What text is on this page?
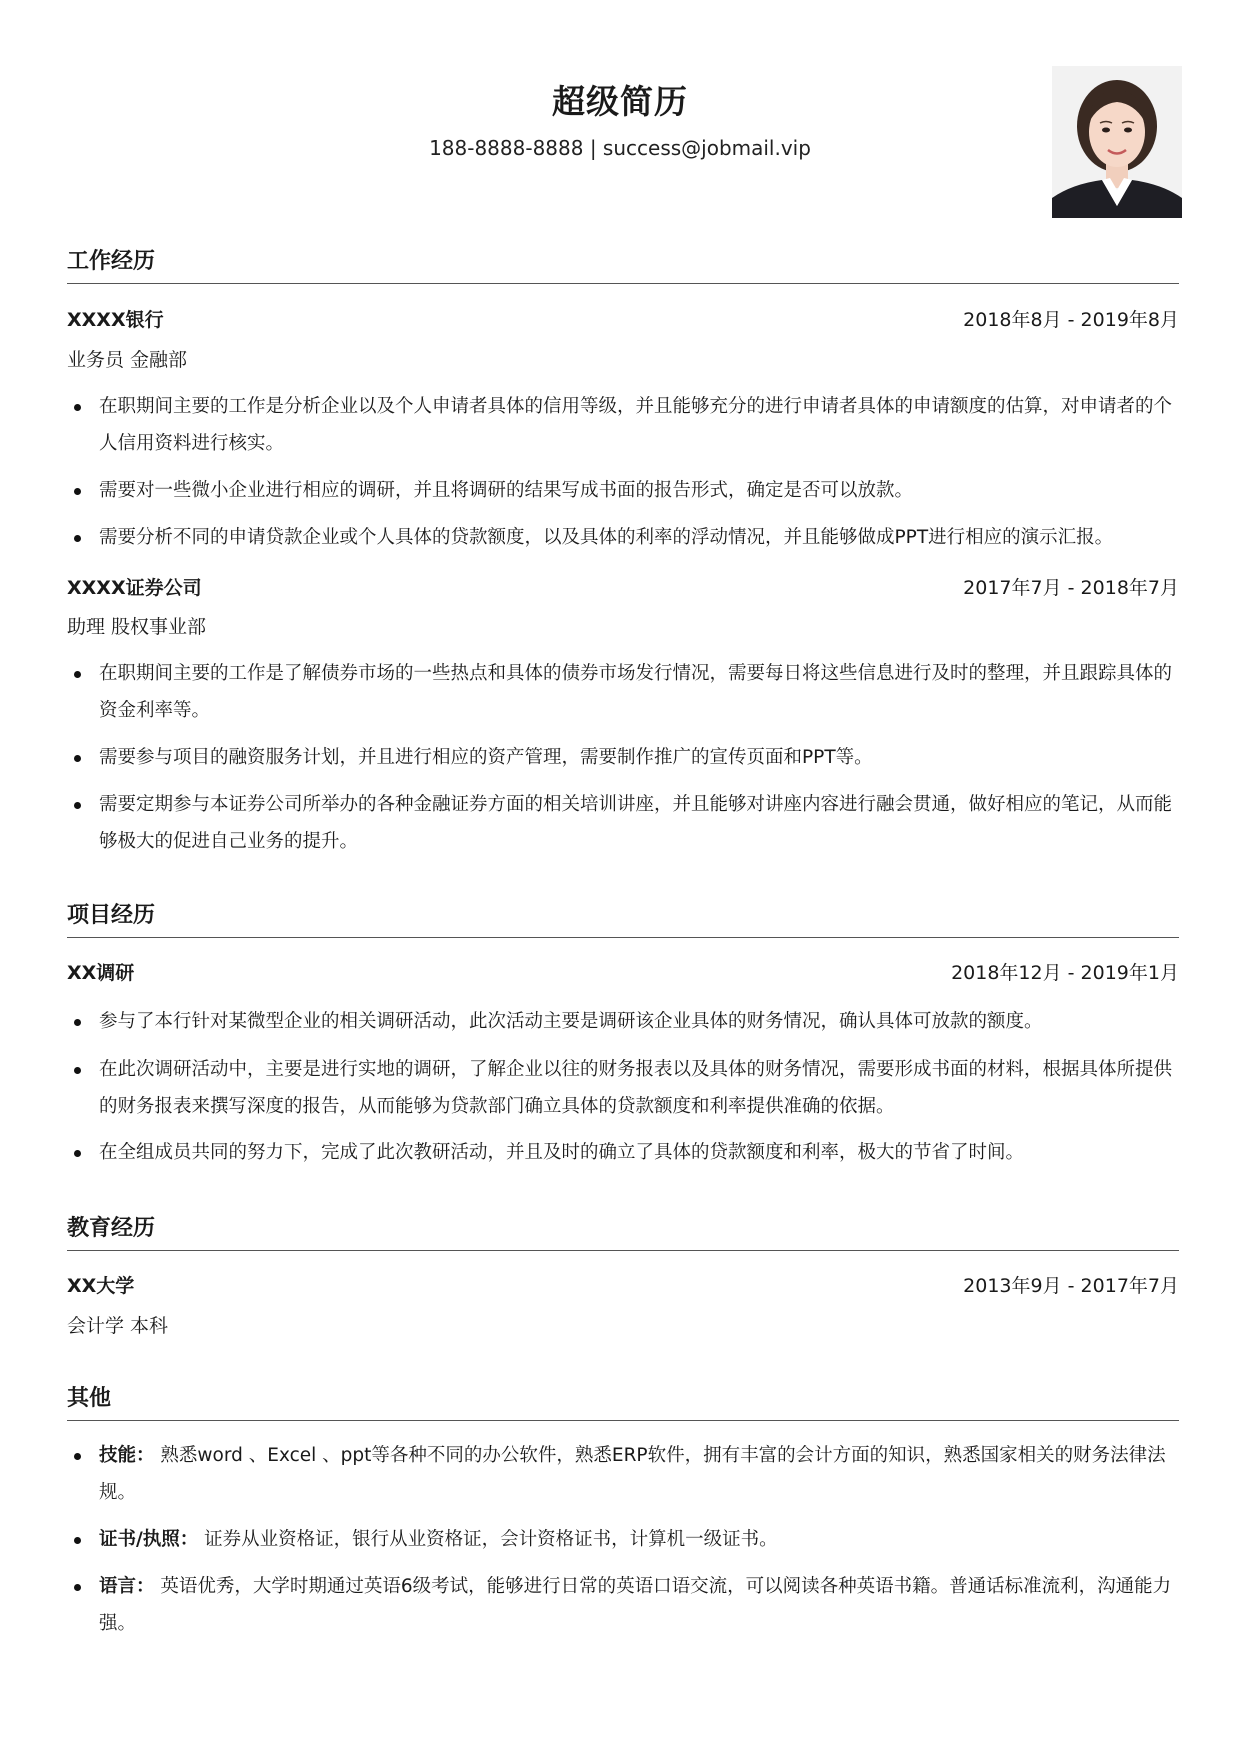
超级简历
188-8888-8888 | success@jobmail.vip
工作经历
XXXX银行	2018年8月 - 2019年8月
业务员 金融部
在职期间主要的工作是分析企业以及个人申请者具体的信用等级，并且能够充分的进行申请者具体的申请额度的估算，对申请者的个人信用资料进行核实。
需要对一些微小企业进行相应的调研，并且将调研的结果写成书面的报告形式，确定是否可以放款。
需要分析不同的申请贷款企业或个人具体的贷款额度，以及具体的利率的浮动情况，并且能够做成PPT进行相应的演示汇报。
XXXX证券公司	2017年7月 - 2018年7月
助理 股权事业部
在职期间主要的工作是了解债券市场的一些热点和具体的债券市场发行情况，需要每日将这些信息进行及时的整理，并且跟踪具体的资金利率等。
需要参与项目的融资服务计划，并且进行相应的资产管理，需要制作推广的宣传页面和PPT等。
需要定期参与本证券公司所举办的各种金融证券方面的相关培训讲座，并且能够对讲座内容进行融会贯通，做好相应的笔记，从而能够极大的促进自己业务的提升。
项目经历
XX调研	2018年12月 - 2019年1月
参与了本行针对某微型企业的相关调研活动，此次活动主要是调研该企业具体的财务情况，确认具体可放款的额度。
在此次调研活动中，主要是进行实地的调研，了解企业以往的财务报表以及具体的财务情况，需要形成书面的材料，根据具体所提供的财务报表来撰写深度的报告，从而能够为贷款部门确立具体的贷款额度和利率提供准确的依据。
在全组成员共同的努力下，完成了此次教研活动，并且及时的确立了具体的贷款额度和利率，极大的节省了时间。
教育经历
XX大学	2013年9月 - 2017年7月
会计学 本科
其他
技能： 熟悉word 、Excel 、ppt等各种不同的办公软件，熟悉ERP软件，拥有丰富的会计方面的知识，熟悉国家相关的财务法律法规。
证书/执照： 证券从业资格证，银行从业资格证，会计资格证书，计算机一级证书。
语言： 英语优秀，大学时期通过英语6级考试，能够进行日常的英语口语交流，可以阅读各种英语书籍。普通话标准流利，沟通能力强。
